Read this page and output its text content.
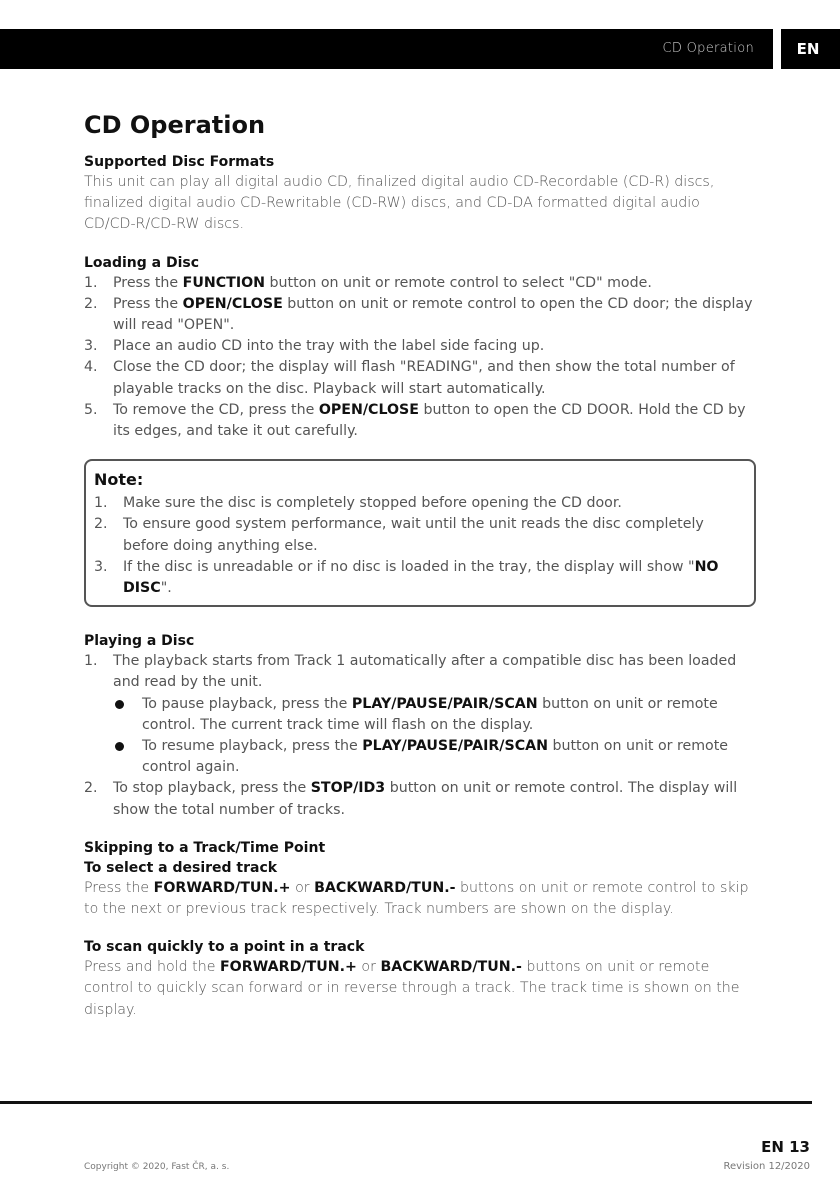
CD Operation	EN
CD Operation
Supported Disc Formats

This unit can play all digital audio CD, finalized digital audio CD-Recordable (CD-R) discs, finalized digital audio CD-Rewritable (CD-RW) discs, and CD-DA formatted digital audio CD/CD-R/CD-RW discs.

Loading a Disc
1. Press the FUNCTION button on unit or remote control to select "CD" mode.
2. Press the OPEN/CLOSE button on unit or remote control to open the CD door; the display will read "OPEN".
3. Place an audio CD into the tray with the label side facing up.
4. Close the CD door; the display will flash "READING", and then show the total number of playable tracks on the disc. Playback will start automatically.
5. To remove the CD, press the OPEN/CLOSE button to open the CD DOOR. Hold the CD by its edges, and take it out carefully.
Note:
1. Make sure the disc is completely stopped before opening the CD door.
2. To ensure good system performance, wait until the unit reads the disc completely before doing anything else.
3. If the disc is unreadable or if no disc is loaded in the tray, the display will show "NO DISC".
Playing a Disc
1. The playback starts from Track 1 automatically after a compatible disc has been loaded and read by the unit.
To pause playback, press the PLAY/PAUSE/PAIR/SCAN button on unit or remote control. The current track time will flash on the display.
To resume playback, press the PLAY/PAUSE/PAIR/SCAN button on unit or remote control again.
2. To stop playback, press the STOP/ID3 button on unit or remote control. The display will show the total number of tracks.
Skipping to a Track/Time Point
To select a desired track

Press the FORWARD/TUN.+ or BACKWARD/TUN.- buttons on unit or remote control to skip to the next or previous track respectively. Track numbers are shown on the display.

To scan quickly to a point in a track

Press and hold the FORWARD/TUN.+ or BACKWARD/TUN.- buttons on unit or remote control to quickly scan forward or in reverse through a track. The track time is shown on the display.

EN 13
Copyright © 2020, Fast ČR, a. s.	Revision 12/2020
